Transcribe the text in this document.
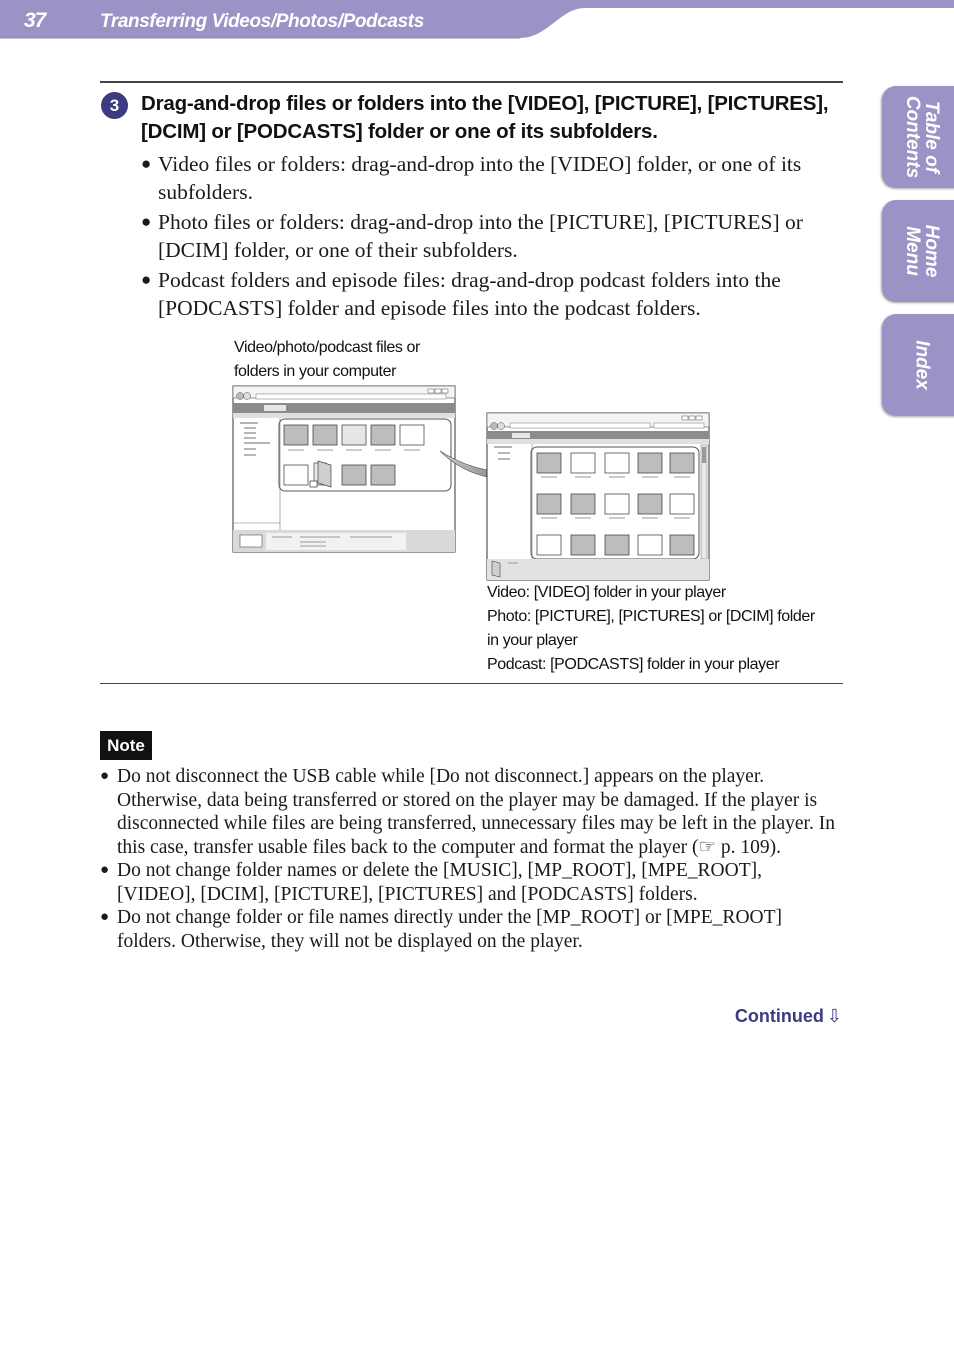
37	Transferring Videos/Photos/Podcasts
Table of
Contents
Home
Menu
Index
3	Drag-and-drop files or folders into the [VIDEO], [PICTURE], [PICTURES], [DCIM] or [PODCASTS] folder or one of its subfolders.
● Video files or folders: drag-and-drop into the [VIDEO] folder, or one of its subfolders.
● Photo files or folders: drag-and-drop into the [PICTURE], [PICTURES] or [DCIM] folder, or one of their subfolders.
● Podcast folders and episode files: drag-and-drop podcast folders into the [PODCASTS] folder and episode files into the podcast folders.
Video/photo/podcast files or
folders in your computer
Video: [VIDEO] folder in your player
Photo: [PICTURE], [PICTURES] or [DCIM] folder
in your player
Podcast: [PODCASTS] folder in your player
Note
● Do not disconnect the USB cable while [Do not disconnect.] appears on the player. Otherwise, data being transferred or stored on the player may be damaged. If the player is disconnected while files are being transferred, unnecessary files may be left in the player. In this case, transfer usable files back to the computer and format the player (☞ p. 109).
● Do not change folder names or delete the [MUSIC], [MP_ROOT], [MPE_ROOT], [VIDEO], [DCIM], [PICTURE], [PICTURES] and [PODCASTS] folders.
● Do not change folder or file names directly under the [MP_ROOT] or [MPE_ROOT] folders. Otherwise, they will not be displayed on the player.
Continued ⇩
